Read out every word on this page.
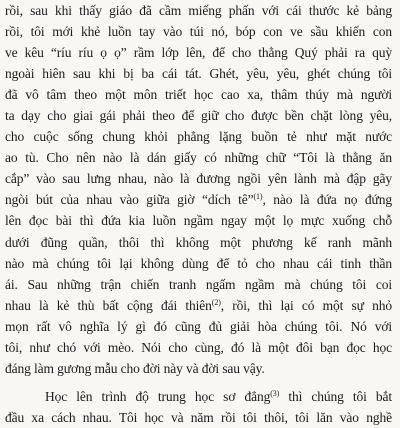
rồi, sau khi thấy giáo đã cầm miếng phấn với cái thước kẻ bảng
rồi, tôi mới khẻ luồn tay vào túi nó, bóp con ve sầu khiến con
ve kêu “ríu ríu ọ ọ” rầm lớp lên, để cho thằng Quý phải ra quỳ
ngoài hiên sau khi bị ba cái tát. Ghét, yêu, yêu, ghét chúng tôi
đã vô tâm theo một môn triết học cao xa, thâm thúy mà người
ta dạy cho giai gái phải theo để giữ cho được bền chặt lòng yêu,
cho cuộc sống chung khỏi phẳng lặng buồn tẻ như mặt nước
ao tù. Cho nên nào là dán giấy có những chữ “Tôi là thằng ăn
cắp” vào sau lưng nhau, nào là đương ngồi yên lành mà đập gãy
ngòi bút của nhau vào giữa giờ “dích tê”$^{(1)}$, nào là đứa nọ đứng
lên đọc bài thì đứa kia luồn ngầm ngay một lọ mực xuống chỗ
dưới đũng quần, thôi thì không một phương kế ranh mãnh
nào mà chúng tôi lại không dùng để tỏ cho nhau cái tinh thần
ái. Sau những trận chiến tranh ngấm ngầm mà chúng tôi coi
nhau là kẻ thù bất cộng đái thiên$^{(2)}$, rồi, thì lại có một sự nhỏ
mọn rất vô nghĩa lý gì đó cũng đủ giải hòa chúng tôi. Nó với
tôi, như chó với mèo. Nói cho cùng, đó là một đôi bạn đọc học
đáng làm gương mẫu cho đời này và đời sau vậy.
Học lên trình độ trung học sơ đẳng$^{(3)}$ thì chúng tôi bắt
đầu xa cách nhau. Tôi học và năm rồi tôi thôi, tôi lăn vào nghề
